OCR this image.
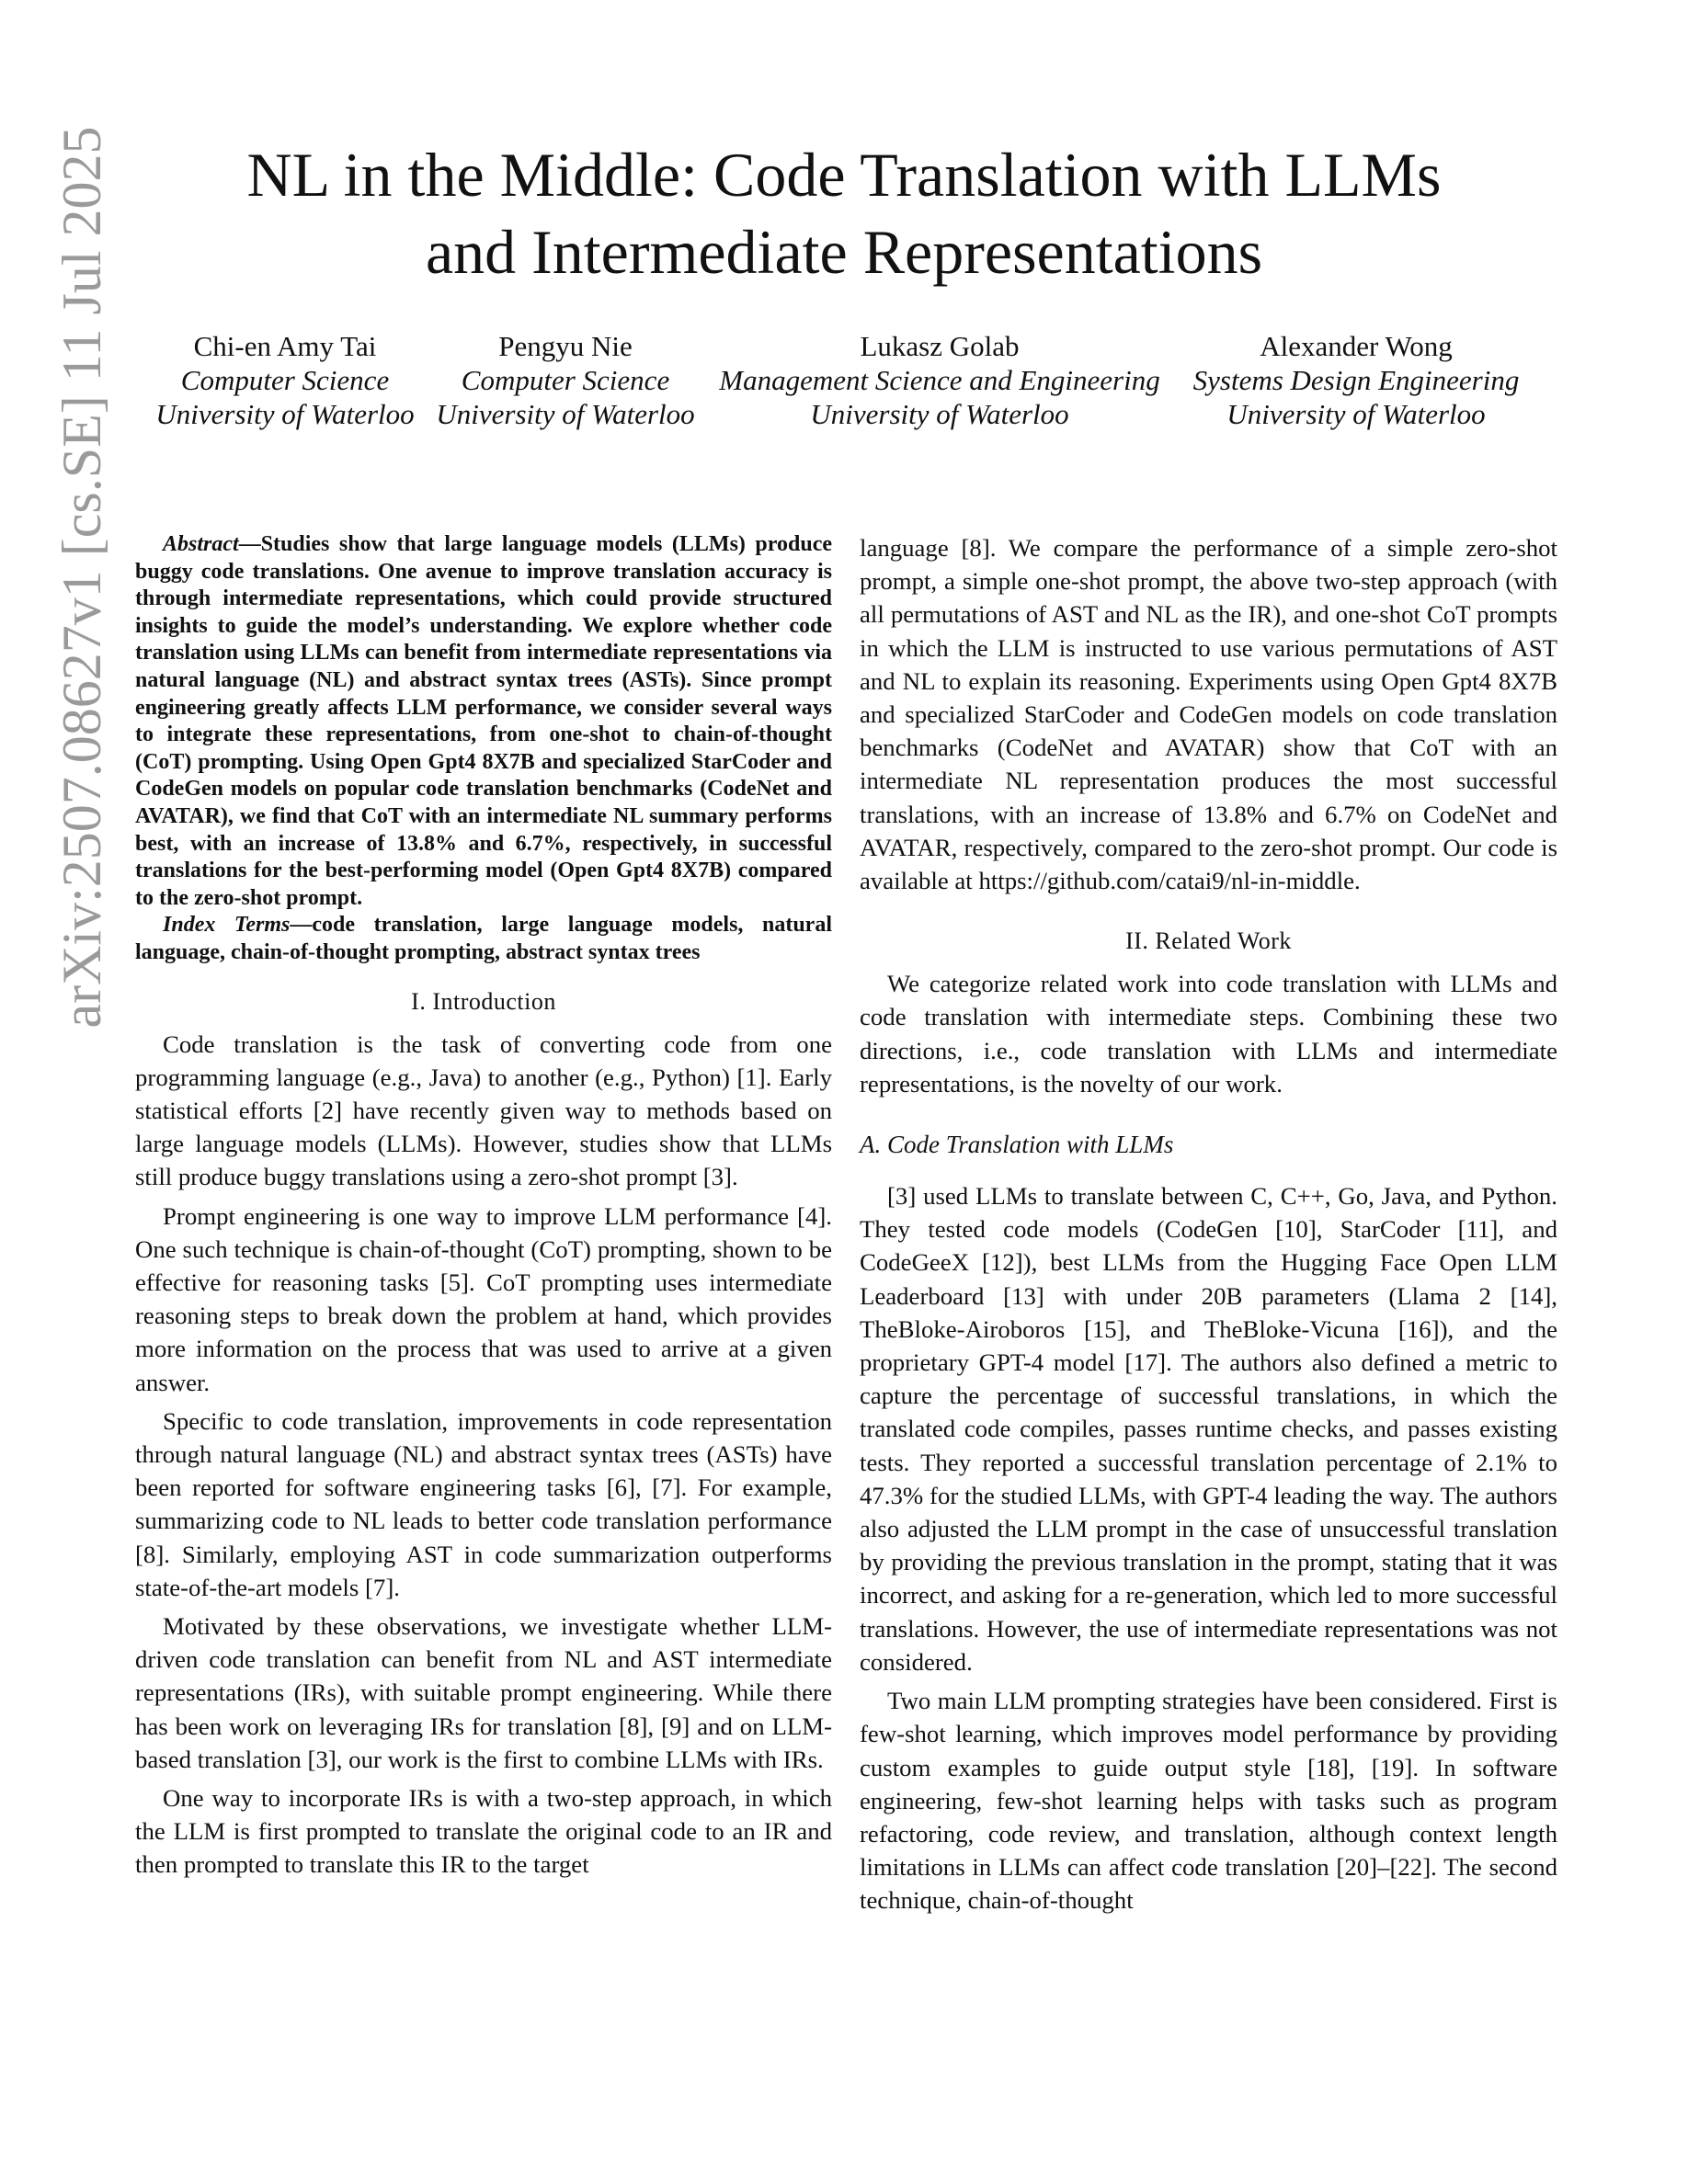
arXiv:2507.08627v1 [cs.SE] 11 Jul 2025	NL in the Middle: Code Translation with LLMs
and Intermediate Representations
Chi-en Amy Tai
Computer Science
University of Waterloo
Pengyu Nie
Computer Science
University of Waterloo
Lukasz Golab
Management Science and Engineering
University of Waterloo
Alexander Wong
Systems Design Engineering
University of Waterloo

Abstract—Studies show that large language models (LLMs) produce buggy code translations. One avenue to improve translation accuracy is through intermediate representations, which could provide structured insights to guide the model’s understanding. We explore whether code translation using LLMs can benefit from intermediate representations via natural language (NL) and abstract syntax trees (ASTs). Since prompt engineering greatly affects LLM performance, we consider several ways to integrate these representations, from one-shot to chain-of-thought (CoT) prompting. Using Open Gpt4 8X7B and specialized StarCoder and CodeGen models on popular code translation benchmarks (CodeNet and AVATAR), we find that CoT with an intermediate NL summary performs best, with an increase of 13.8% and 6.7%, respectively, in successful translations for the best-performing model (Open Gpt4 8X7B) compared to the zero-shot prompt.

Index Terms—code translation, large language models, natural language, chain-of-thought prompting, abstract syntax trees

I. Introduction

Code translation is the task of converting code from one programming language (e.g., Java) to another (e.g., Python) [1]. Early statistical efforts [2] have recently given way to methods based on large language models (LLMs). However, studies show that LLMs still produce buggy translations using a zero-shot prompt [3].

Prompt engineering is one way to improve LLM performance [4]. One such technique is chain-of-thought (CoT) prompting, shown to be effective for reasoning tasks [5]. CoT prompting uses intermediate reasoning steps to break down the problem at hand, which provides more information on the process that was used to arrive at a given answer.

Specific to code translation, improvements in code representation through natural language (NL) and abstract syntax trees (ASTs) have been reported for software engineering tasks [6], [7]. For example, summarizing code to NL leads to better code translation performance [8]. Similarly, employing AST in code summarization outperforms state-of-the-art models [7].

Motivated by these observations, we investigate whether LLM-driven code translation can benefit from NL and AST intermediate representations (IRs), with suitable prompt engineering. While there has been work on leveraging IRs for translation [8], [9] and on LLM-based translation [3], our work is the first to combine LLMs with IRs.

One way to incorporate IRs is with a two-step approach, in which the LLM is first prompted to translate the original code to an IR and then prompted to translate this IR to the target

language [8]. We compare the performance of a simple zero-shot prompt, a simple one-shot prompt, the above two-step approach (with all permutations of AST and NL as the IR), and one-shot CoT prompts in which the LLM is instructed to use various permutations of AST and NL to explain its reasoning. Experiments using Open Gpt4 8X7B and specialized StarCoder and CodeGen models on code translation benchmarks (CodeNet and AVATAR) show that CoT with an intermediate NL representation produces the most successful translations, with an increase of 13.8% and 6.7% on CodeNet and AVATAR, respectively, compared to the zero-shot prompt. Our code is available at https://github.com/catai9/nl-in-middle.

II. Related Work

We categorize related work into code translation with LLMs and code translation with intermediate steps. Combining these two directions, i.e., code translation with LLMs and intermediate representations, is the novelty of our work.

A. Code Translation with LLMs

[3] used LLMs to translate between C, C++, Go, Java, and Python. They tested code models (CodeGen [10], StarCoder [11], and CodeGeeX [12]), best LLMs from the Hugging Face Open LLM Leaderboard [13] with under 20B parameters (Llama 2 [14], TheBloke-Airoboros [15], and TheBloke-Vicuna [16]), and the proprietary GPT-4 model [17]. The authors also defined a metric to capture the percentage of successful translations, in which the translated code compiles, passes runtime checks, and passes existing tests. They reported a successful translation percentage of 2.1% to 47.3% for the studied LLMs, with GPT-4 leading the way. The authors also adjusted the LLM prompt in the case of unsuccessful translation by providing the previous translation in the prompt, stating that it was incorrect, and asking for a re-generation, which led to more successful translations. However, the use of intermediate representations was not considered.

Two main LLM prompting strategies have been considered. First is few-shot learning, which improves model performance by providing custom examples to guide output style [18], [19]. In software engineering, few-shot learning helps with tasks such as program refactoring, code review, and translation, although context length limitations in LLMs can affect code translation [20]–[22]. The second technique, chain-of-thought
